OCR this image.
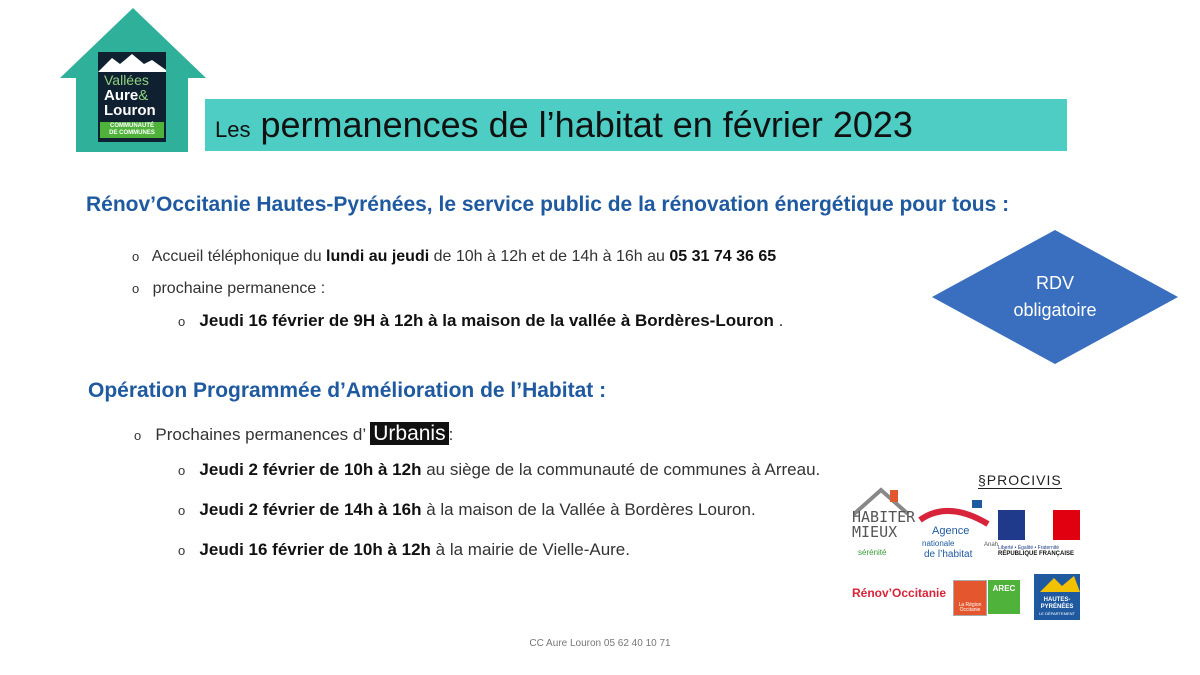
Vallées
Aure&
Louron
COMMUNAUTÉ
DE COMMUNES	Les permanences de l’habitat en février 2023
Rénov’Occitanie Hautes-Pyrénées, le service public de la rénovation énergétique pour tous :
o Accueil téléphonique du lundi au jeudi de 10h à 12h et de 14h à 16h au 05 31 74 36 65
o prochaine permanence :
o Jeudi 16 février de 9H à 12h à la maison de la vallée à Bordères-Louron .
RDV
obligatoire
Opération Programmée d’Amélioration de l’Habitat :
o Prochaines permanences d’ Urbanis :
o Jeudi 2 février de 10h à 12h au siège de la communauté de communes à Arreau.
o Jeudi 2 février de 14h à 16h à la maison de la Vallée à Bordères Louron.
o Jeudi 16 février de 10h à 12h à la mairie de Vielle-Aure.
§PROCIVIS
HABITER
MIEUX
sérénité
Agence
nationale
de l’habitat
Anah Liberté • Égalité • Fraternité
RÉPUBLIQUE FRANÇAISE
Rénov’Occitanie
La Région Occitanie
AREC
HAUTES-
PYRÉNÉES
LE DÉPARTEMENT
CC Aure Louron 05 62 40 10 71
